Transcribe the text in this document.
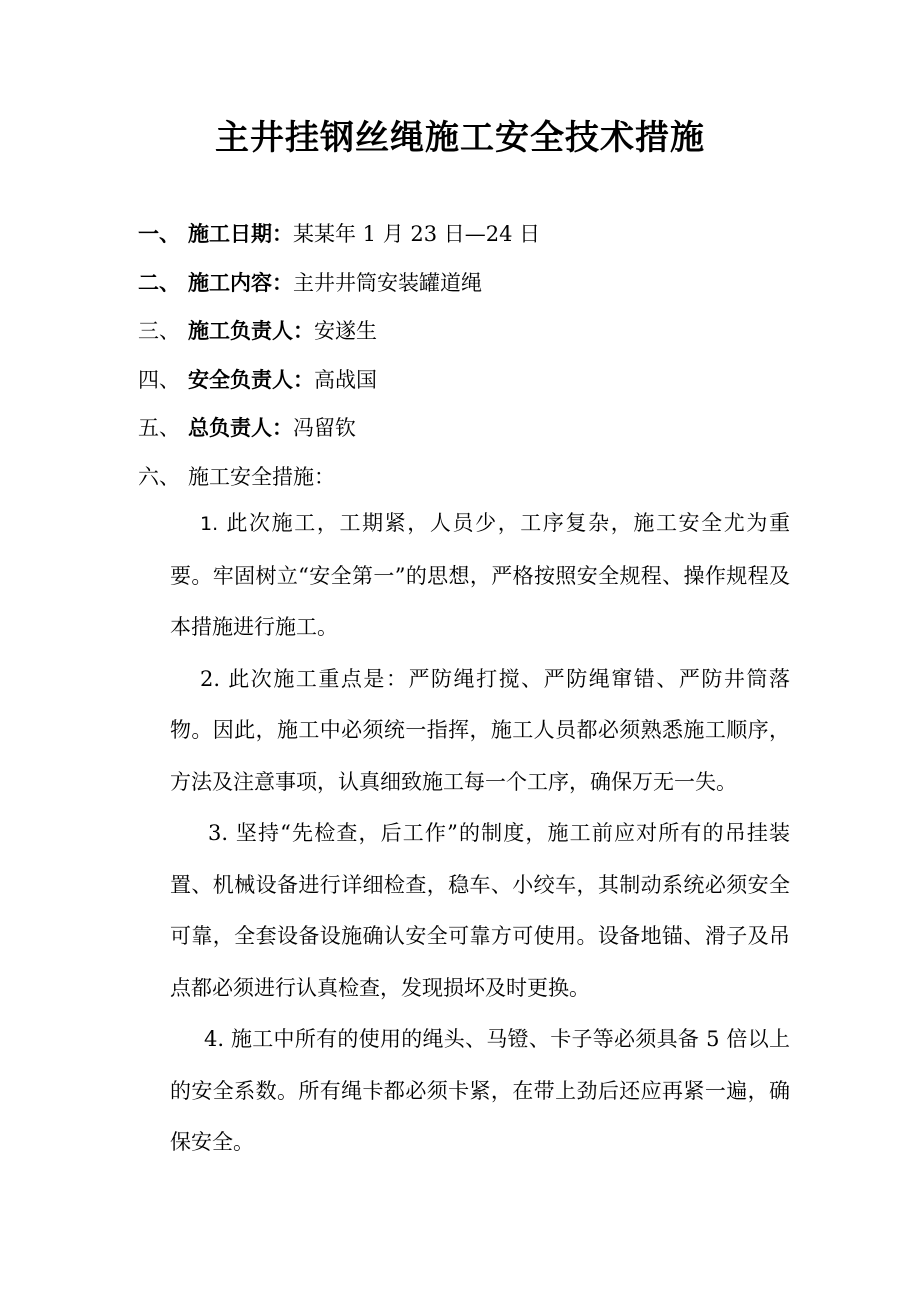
主井挂钢丝绳施工安全技术措施
一、 施工日期：某某年 1 月 23 日—24 日
二、 施工内容：主井井筒安装罐道绳
三、 施工负责人：安遂生
四、 安全负责人：高战国
五、 总负责人：冯留钦
六、 施工安全措施：

1. 此次施工，工期紧，人员少，工序复杂，施工安全尤为重要。牢固树立“安全第一”的思想，严格按照安全规程、操作规程及本措施进行施工。

2. 此次施工重点是：严防绳打搅、严防绳窜错、严防井筒落物。因此，施工中必须统一指挥，施工人员都必须熟悉施工顺序，方法及注意事项，认真细致施工每一个工序，确保万无一失。

3. 坚持“先检查，后工作”的制度，施工前应对所有的吊挂装置、机械设备进行详细检查，稳车、小绞车，其制动系统必须安全可靠，全套设备设施确认安全可靠方可使用。设备地锚、滑子及吊点都必须进行认真检查，发现损坏及时更换。

4. 施工中所有的使用的绳头、马镫、卡子等必须具备 5 倍以上的安全系数。所有绳卡都必须卡紧，在带上劲后还应再紧一遍，确保安全。
